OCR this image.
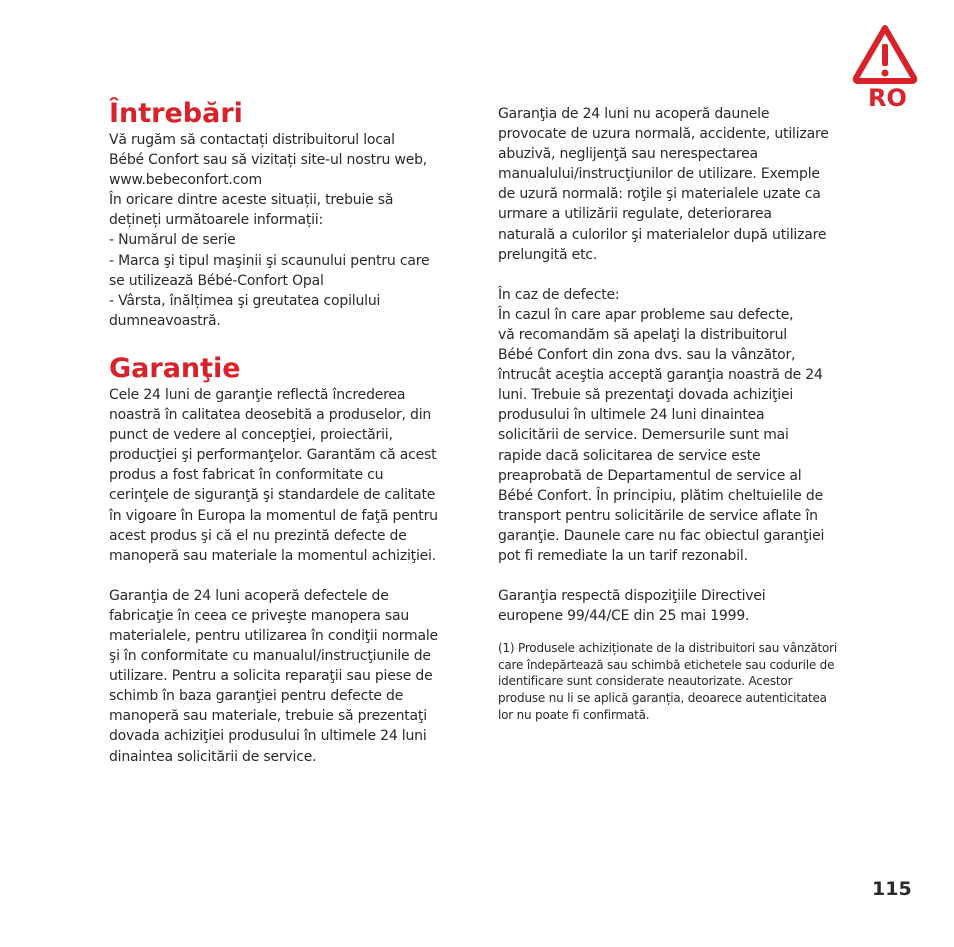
RO
Întrebări

Vă rugăm să contactați distribuitorul local
Bébé Confort sau să vizitați site-ul nostru web,
www.bebeconfort.com
În oricare dintre aceste situații, trebuie să
dețineți următoarele informații:
- Numărul de serie
- Marca şi tipul maşinii şi scaunului pentru care
se utilizează Bébé-Confort Opal
- Vârsta, înălțimea şi greutatea copilului
dumneavoastră.

Garanţie

Cele 24 luni de garanţie reflectă încrederea
noastră în calitatea deosebită a produselor, din
punct de vedere al concepţiei, proiectării,
producţiei şi performanţelor. Garantăm că acest
produs a fost fabricat în conformitate cu
cerinţele de siguranţă şi standardele de calitate
în vigoare în Europa la momentul de faţă pentru
acest produs şi că el nu prezintă defecte de
manoperă sau materiale la momentul achiziţiei.

Garanţia de 24 luni acoperă defectele de
fabricaţie în ceea ce priveşte manopera sau
materialele, pentru utilizarea în condiţii normale
şi în conformitate cu manualul/instrucţiunile de
utilizare. Pentru a solicita reparaţii sau piese de
schimb în baza garanţiei pentru defecte de
manoperă sau materiale, trebuie să prezentaţi
dovada achiziţiei produsului în ultimele 24 luni
dinaintea solicitării de service.

Garanţia de 24 luni nu acoperă daunele
provocate de uzura normală, accidente, utilizare
abuzivă, neglijenţă sau nerespectarea
manualului/instrucţiunilor de utilizare. Exemple
de uzură normală: roţile şi materialele uzate ca
urmare a utilizării regulate, deteriorarea
naturală a culorilor şi materialelor după utilizare
prelungită etc.

În caz de defecte:
În cazul în care apar probleme sau defecte,
vă recomandăm să apelaţi la distribuitorul
Bébé Confort din zona dvs. sau la vânzător,
întrucât aceştia acceptă garanţia noastră de 24
luni. Trebuie să prezentaţi dovada achiziţiei
produsului în ultimele 24 luni dinaintea
solicitării de service. Demersurile sunt mai
rapide dacă solicitarea de service este
preaprobată de Departamentul de service al
Bébé Confort. În principiu, plătim cheltuielile de
transport pentru solicitările de service aflate în
garanţie. Daunele care nu fac obiectul garanţiei
pot fi remediate la un tarif rezonabil.

Garanţia respectă dispoziţiile Directivei
europene 99/44/CE din 25 mai 1999.

(1) Produsele achiziționate de la distribuitori sau vânzători
care îndepărtează sau schimbă etichetele sau codurile de
identificare sunt considerate neautorizate. Acestor
produse nu li se aplică garanția, deoarece autenticitatea
lor nu poate fi confirmată.

115
